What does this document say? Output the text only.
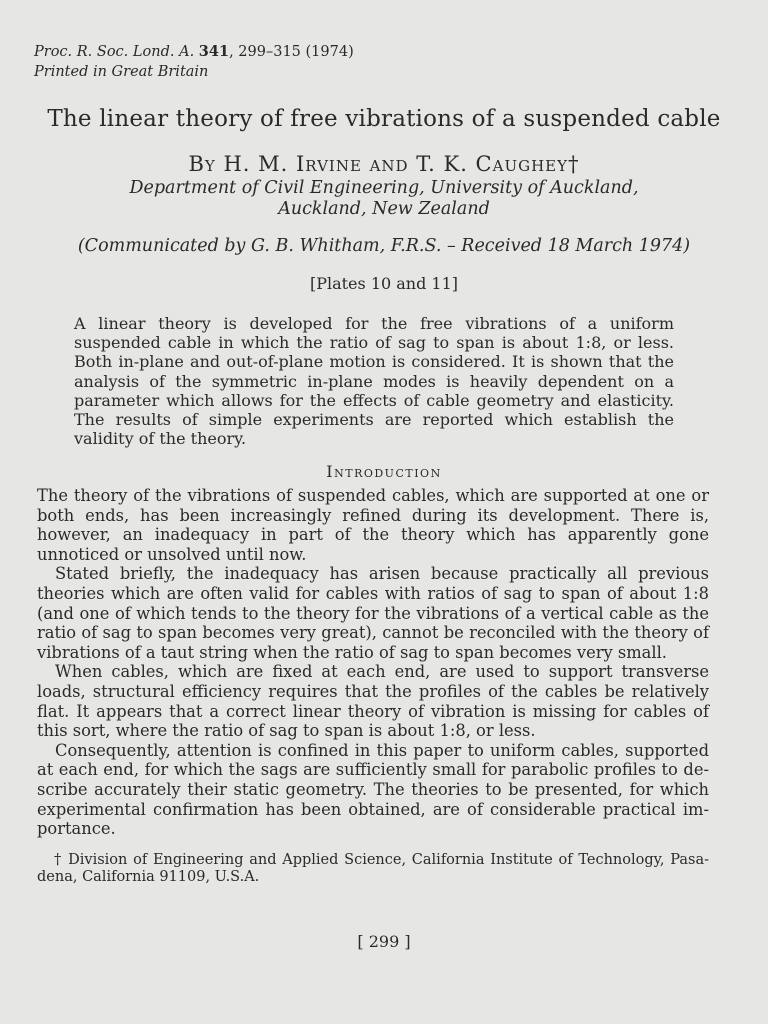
Proc. R. Soc. Lond. A. 341, 299–315 (1974)
Printed in Great Britain
The linear theory of free vibrations of a suspended cable
By H. M. Irvine and T. K. Caughey†
Department of Civil Engineering, University of Auckland,
Auckland, New Zealand
(Communicated by G. B. Whitham, F.R.S. – Received 18 March 1974)
[Plates 10 and 11]
A linear theory is developed for the free vibrations of a uniform suspended cable in which the ratio of sag to span is about 1:8, or less. Both in-plane and out-of-plane motion is considered. It is shown that the analysis of the symmetric in-plane modes is heavily dependent on a parameter which allows for the effects of cable geometry and elasticity. The results of simple experiments are reported which establish the validity of the theory.
Introduction

The theory of the vibrations of suspended cables, which are supported at one or both ends, has been increasingly refined during its development. There is, however, an inadequacy in part of the theory which has apparently gone unnoticed or unsolved until now.

Stated briefly, the inadequacy has arisen because practically all previous theories which are often valid for cables with ratios of sag to span of about 1:8 (and one of which tends to the theory for the vibrations of a vertical cable as the ratio of sag to span becomes very great), cannot be reconciled with the theory of vibrations of a taut string when the ratio of sag to span becomes very small.

When cables, which are fixed at each end, are used to support transverse loads, structural efficiency requires that the profiles of the cables be relatively flat. It appears that a correct linear theory of vibration is missing for cables of this sort, where the ratio of sag to span is about 1:8, or less.

Consequently, attention is confined in this paper to uniform cables, supported at each end, for which the sags are sufficiently small for parabolic profiles to describe accurately their static geometry. The theories to be presented, for which experimental confirmation has been obtained, are of considerable practical importance.

† Division of Engineering and Applied Science, California Institute of Technology, Pasadena, California 91109, U.S.A.
[ 299 ]
